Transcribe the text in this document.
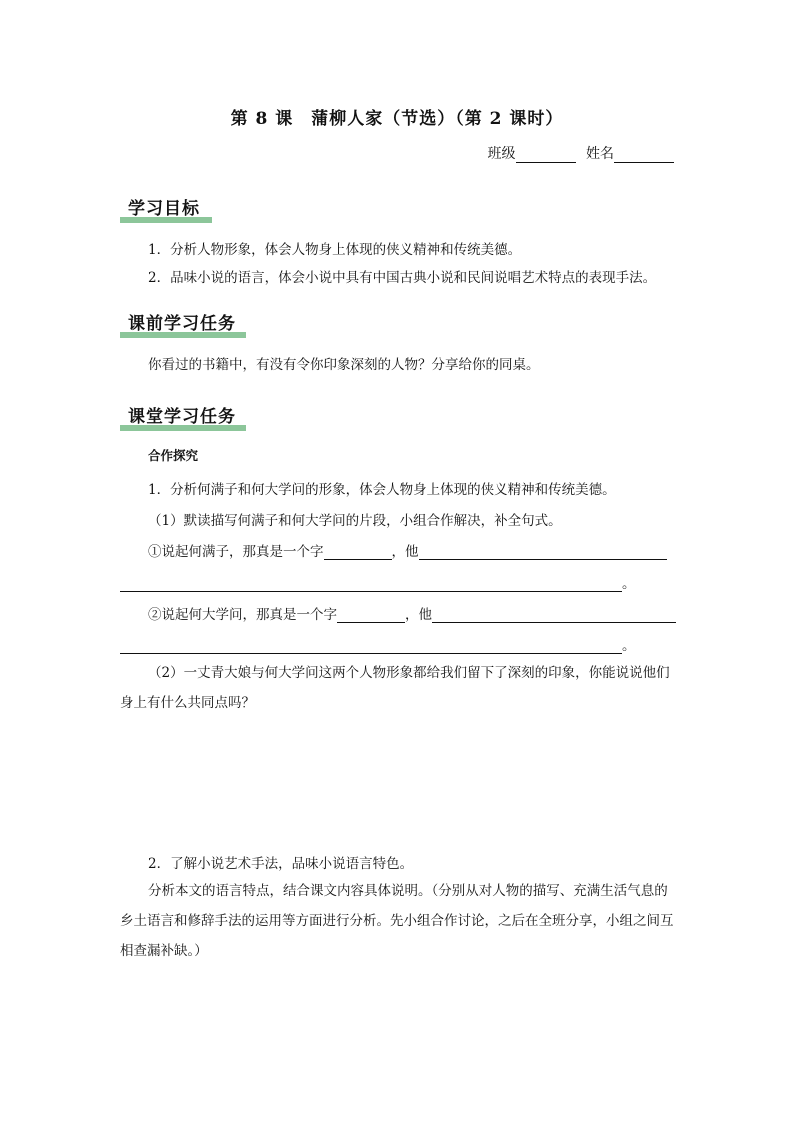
第 8 课　蒲柳人家（节选）（第 2 课时）
班级	姓名
学习目标
1．分析人物形象，体会人物身上体现的侠义精神和传统美德。
2．品味小说的语言，体会小说中具有中国古典小说和民间说唱艺术特点的表现手法。
课前学习任务
你看过的书籍中，有没有令你印象深刻的人物？分享给你的同桌。
课堂学习任务
合作探究
1．分析何满子和何大学问的形象，体会人物身上体现的侠义精神和传统美德。
（1）默读描写何满子和何大学问的片段，小组合作解决，补全句式。
①说起何满子，那真是一个字	，他
。
②说起何大学问，那真是一个字	，他
。
（2）一丈青大娘与何大学问这两个人物形象都给我们留下了深刻的印象，你能说说他们身上有什么共同点吗？
2．了解小说艺术手法，品味小说语言特色。
分析本文的语言特点，结合课文内容具体说明。（分别从对人物的描写、充满生活气息的乡土语言和修辞手法的运用等方面进行分析。先小组合作讨论，之后在全班分享，小组之间互相查漏补缺。）
